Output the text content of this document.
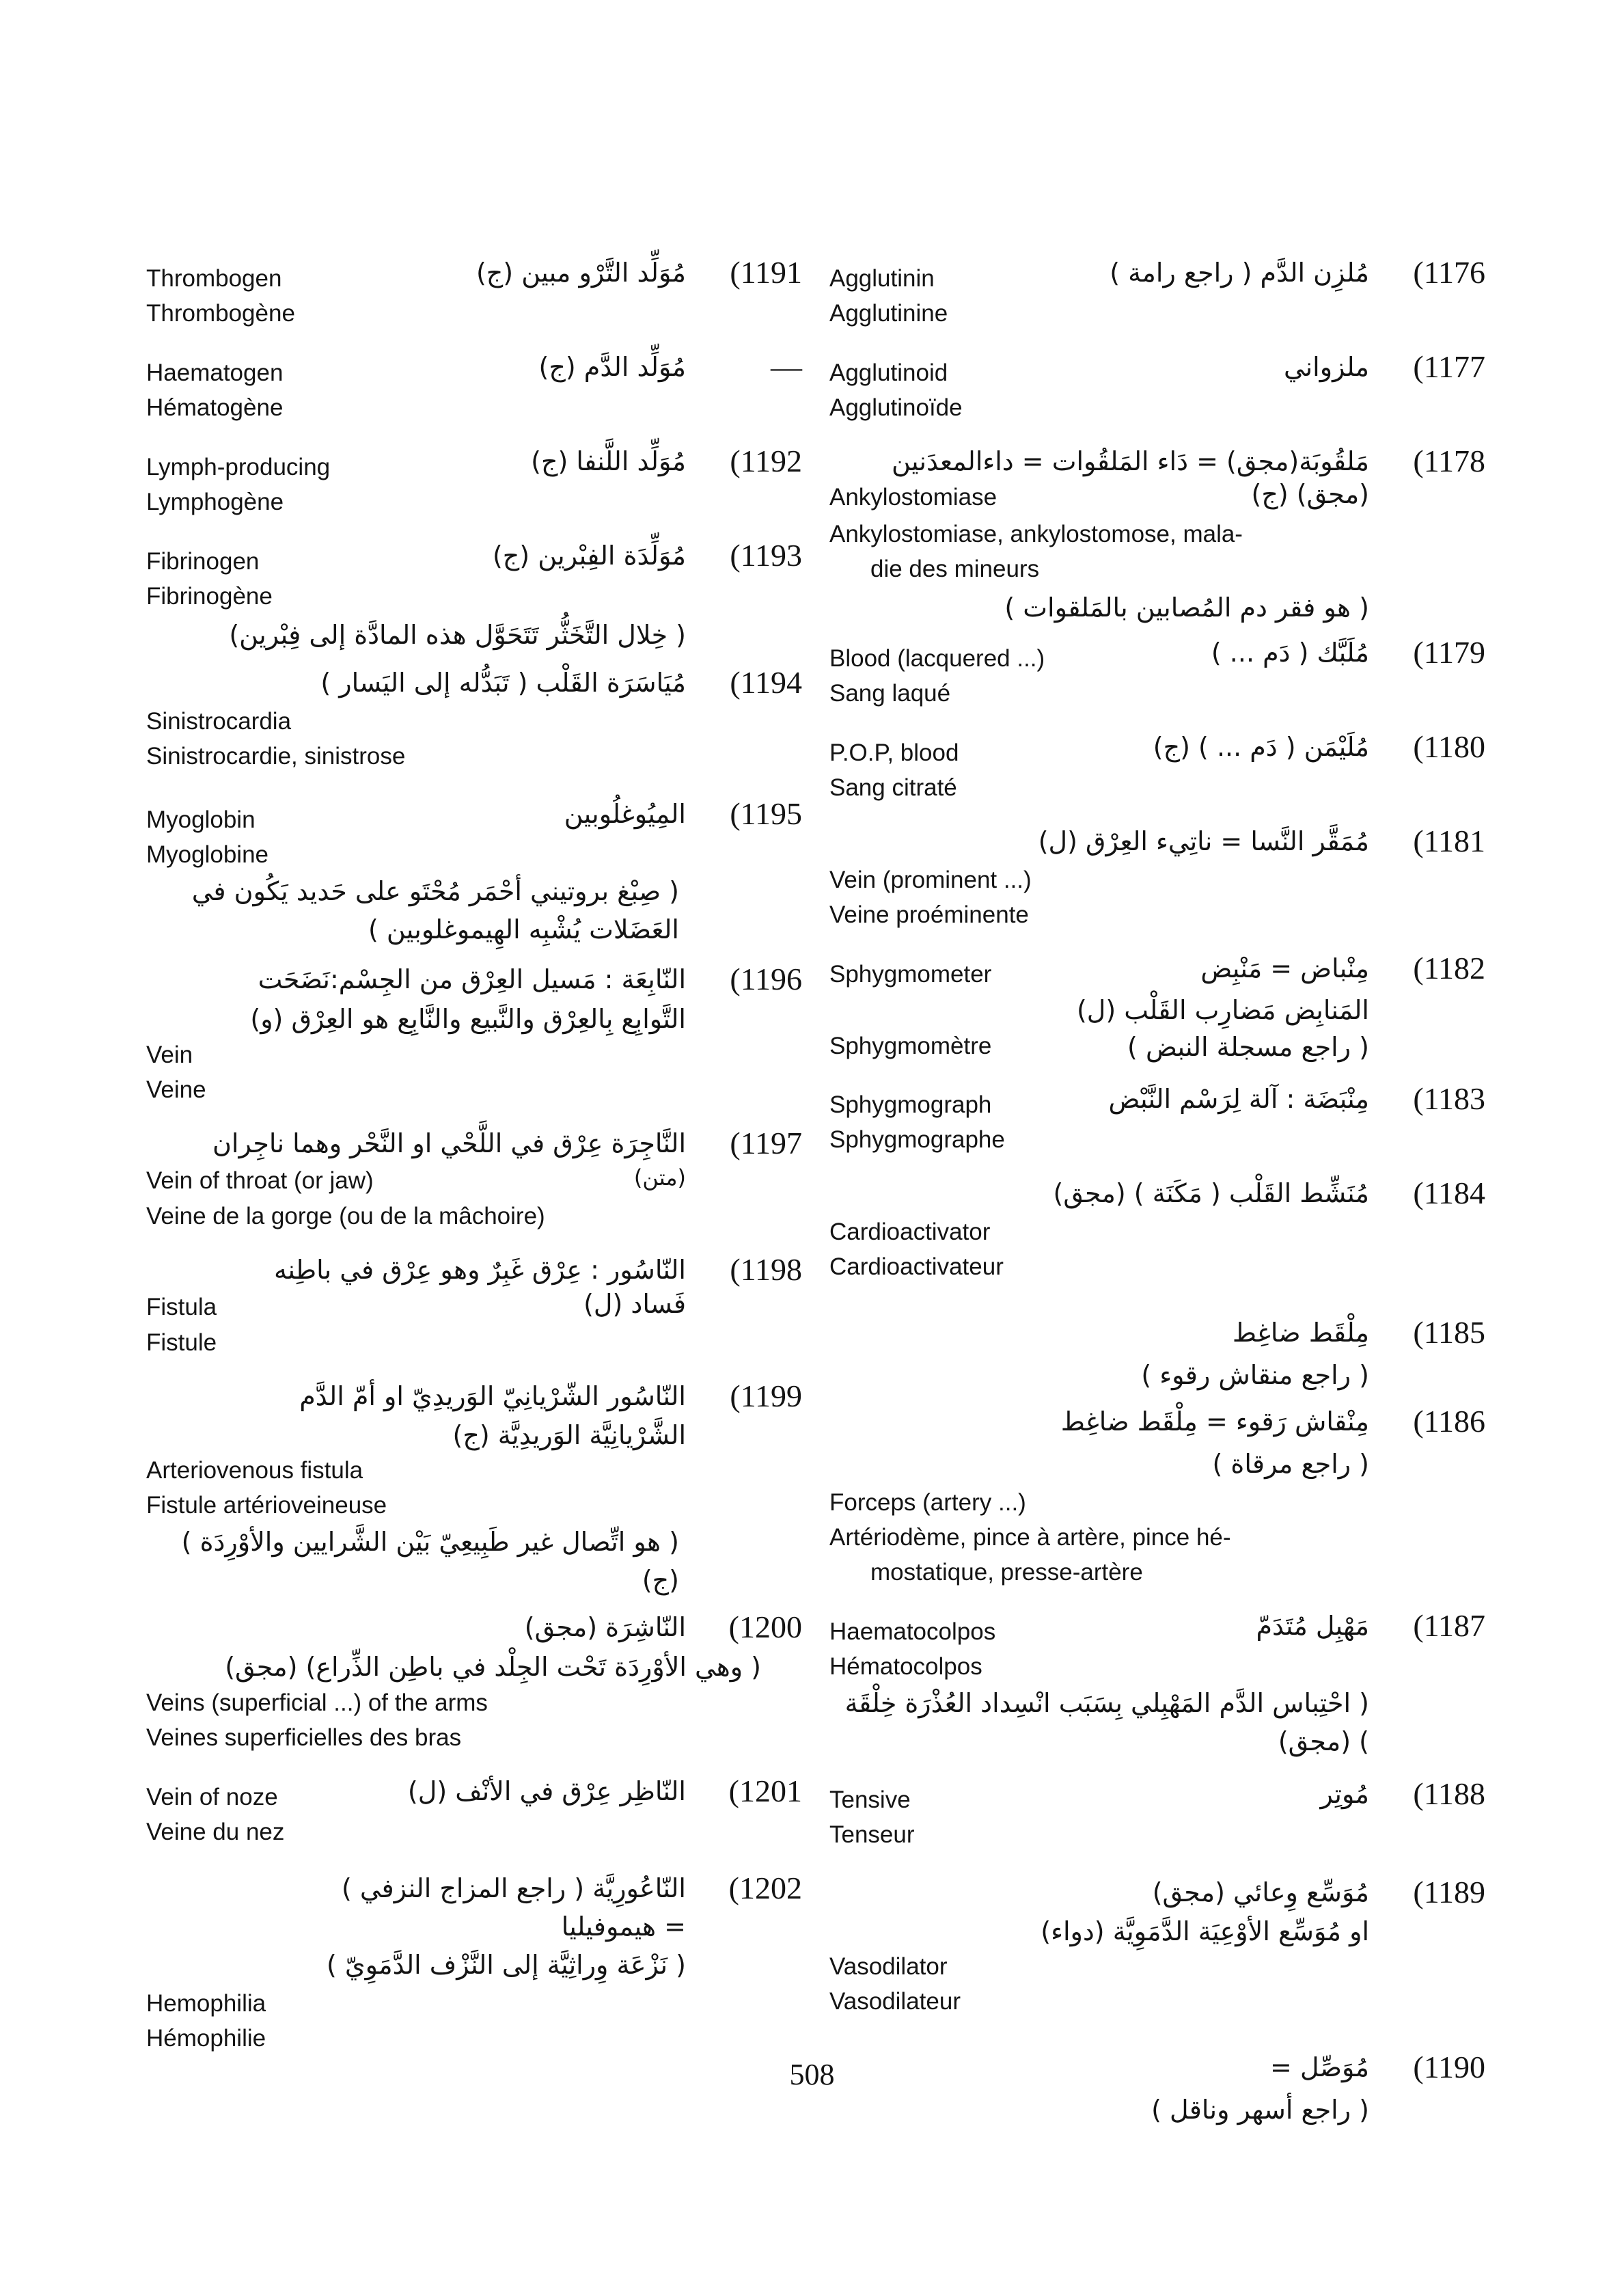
(1176
مُلزِن الدَّم ( راجع رامة )
Agglutinin
Agglutinine
(1177
ملزواني
Agglutinoid
Agglutinoïde
(1178
مَلقُوبَة(مجق) = دَاء المَلقُوات = داءالمعدَنين
Ankylostomiase	(مجق) (ج)
Ankylostomiase, ankylostomose, mala-
die des mineurs
( هو فقر دم المُصابين بالمَلقوات )
(1179
مُلَبَّك ( دَم ... )
Blood (lacquered ...)
Sang laqué
(1180
مُلَيْمَن ( دَم ... ) (ج)
P.O.P, blood
Sang citraté
(1181
مُمَقَّر النَّسا = ناتِيء العِرْق (ل)
Vein (prominent ...)
Veine proéminente
(1182
مِنْباض = مَنْبِض
Sphygmometer
المَنابِض مَضارِب القَلْب (ل)
Sphygmomètre	( راجع مسجلة النبض )
(1183
مِنْبَضَة : آلة لِرَسْم النَّبْض
Sphygmograph
Sphygmographe
(1184
مُنَشِّط القَلْب ( مَكَنَة ) (مجق)
Cardioactivator
Cardioactivateur
(1185
مِلْقَط ضاغِط
( راجع منقاش رقوء )
(1186
مِنْقاش رَقوء = مِلْقَط ضاغِط
( راجع مرقاة )
Forceps (artery ...)
Artériodème, pince à artère, pince hé-
mostatique, presse-artère
(1187
مَهْبِل مُتَدَمّ
Haematocolpos
Hématocolpos
( احْتِباس الدَّم المَهْبِلي بِسَبَب انْسِداد العُذْرَة خِلْقَة ) (مجق)
(1188
مُوتِر
Tensive
Tenseur
(1189
مُوَسِّع وِعائي (مجق)
او مُوَسِّع الأوْعِيَة الدَّمَوِيَّة (دواء)
Vasodilator
Vasodilateur
(1190
مُوَصِّل =
( راجع أسهر وناقل )
(1191
مُوَلِّد التَّرْو مبين (ج)
Thrombogen
Thrombogène
—
مُوَلِّد الدَّم (ج)
Haematogen
Hématogène
(1192
مُوَلِّد اللَّنفا (ج)
Lymph-producing
Lymphogène
(1193
مُوَلِّدَة الفِبْرين (ج)
Fibrinogen
Fibrinogène
( خِلال التَّخَثُّر تَتَحَوَّل هذه المادَّة إلى فِبْرين)
(1194
مُيَاسَرَة القَلْب ( تَبَدُّله إلى اليَسار )
Sinistrocardia
Sinistrocardie, sinistrose
(1195
المِيُوغلُوبين
Myoglobin
Myoglobine
( صِبْغ بروتيني أحْمَر مُحْتَو على حَديد يَكُون في العَضَلات يُشْبِه الهِيموغلوبين )
(1196
النّابِعَة : مَسيل العِرْق من الجِسْم:نَضَحَت
التَّوابِع بِالعِرْق والنَّبيع والنَّابِع هو العِرْق (و)
Vein
Veine
(1197
النَّاجِرَة عِرْق في اللَّحْي او النَّحْر وهما ناجِران
Vein of throat (or jaw)	(متن)
Veine de la gorge (ou de la mâchoire)
(1198
النّاسُور : عِرْق غَبِرٌ وهو عِرْق في باطِنه
Fistula	فَساد (ل)
Fistule
(1199
النّاسُور الشّرْيانِيّ الوَريدِيّ او أمّ الدَّم
الشَّرْيانِيَّة الوَريدِيَّة (ج)
Arteriovenous fistula
Fistule artérioveineuse
( هو اتِّصال غير طَبِيعِيّ بَيْن الشَّرايين والأوْرِدَة ) (ج)
(1200
النّاشِرَة (مجق)
( وهي الأوْرِدَة تَحْت الجِلْد في باطِن الذِّراع) (مجق)
Veins (superficial ...) of the arms
Veines superficielles des bras
(1201
النّاظِر عِرْق في الأنْف (ل)
Vein of noze
Veine du nez
(1202
النّاعُورِيَّة ( راجع المزاج النزفي )
= هيموفيليا
( نَزْعَة وِراثِيَّة إلى النَّزْف الدَّمَوِيّ )
Hemophilia
Hémophilie
508
